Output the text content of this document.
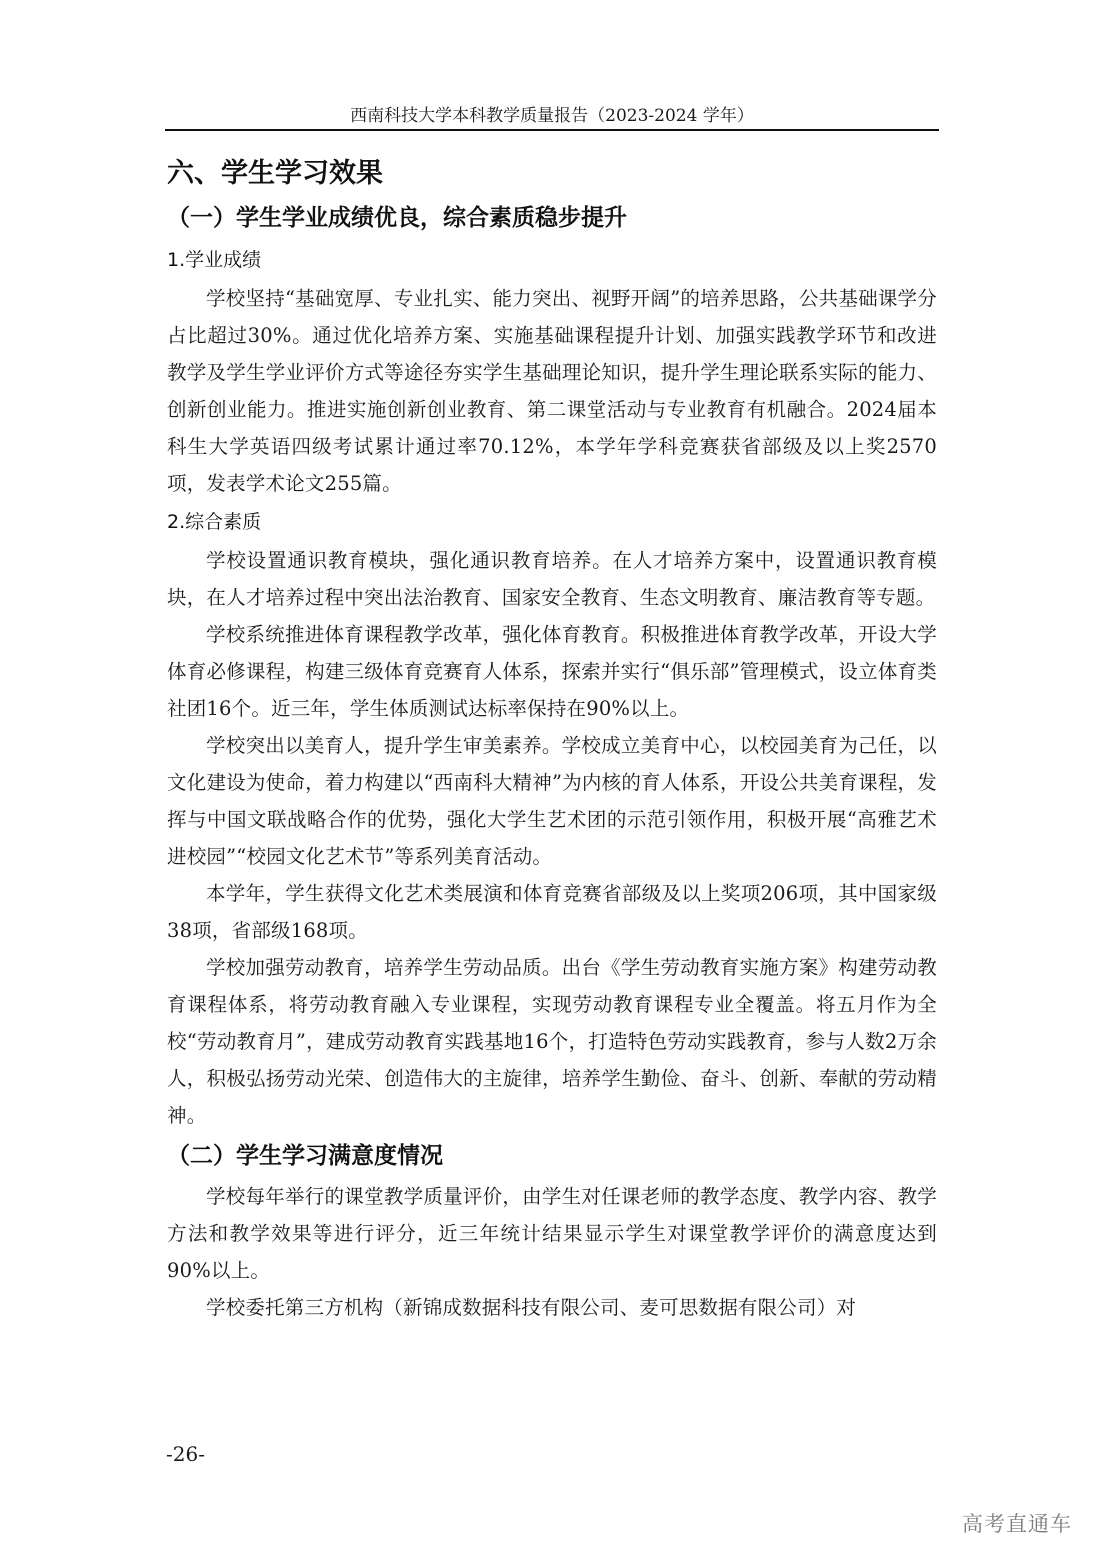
西南科技大学本科教学质量报告（2023-2024 学年）
六、学生学习效果
（一）学生学业成绩优良，综合素质稳步提升
1.学业成绩

学校坚持“基础宽厚、专业扎实、能力突出、视野开阔”的培养思路，公共基础课学分占比超过30%。通过优化培养方案、实施基础课程提升计划、加强实践教学环节和改进教学及学生学业评价方式等途径夯实学生基础理论知识，提升学生理论联系实际的能力、创新创业能力。推进实施创新创业教育、第二课堂活动与专业教育有机融合。2024届本科生大学英语四级考试累计通过率70.12%，本学年学科竞赛获省部级及以上奖2570项，发表学术论文255篇。

2.综合素质

学校设置通识教育模块，强化通识教育培养。在人才培养方案中，设置通识教育模块，在人才培养过程中突出法治教育、国家安全教育、生态文明教育、廉洁教育等专题。

学校系统推进体育课程教学改革，强化体育教育。积极推进体育教学改革，开设大学体育必修课程，构建三级体育竞赛育人体系，探索并实行“俱乐部”管理模式，设立体育类社团16个。近三年，学生体质测试达标率保持在90%以上。

学校突出以美育人，提升学生审美素养。学校成立美育中心，以校园美育为己任，以文化建设为使命，着力构建以“西南科大精神”为内核的育人体系，开设公共美育课程，发挥与中国文联战略合作的优势，强化大学生艺术团的示范引领作用，积极开展“高雅艺术进校园”“校园文化艺术节”等系列美育活动。

本学年，学生获得文化艺术类展演和体育竞赛省部级及以上奖项206项，其中国家级38项，省部级168项。

学校加强劳动教育，培养学生劳动品质。出台《学生劳动教育实施方案》构建劳动教育课程体系，将劳动教育融入专业课程，实现劳动教育课程专业全覆盖。将五月作为全校“劳动教育月”，建成劳动教育实践基地16个，打造特色劳动实践教育，参与人数2万余人，积极弘扬劳动光荣、创造伟大的主旋律，培养学生勤俭、奋斗、创新、奉献的劳动精神。

（二）学生学习满意度情况

学校每年举行的课堂教学质量评价，由学生对任课老师的教学态度、教学内容、教学方法和教学效果等进行评分，近三年统计结果显示学生对课堂教学评价的满意度达到90%以上。

学校委托第三方机构（新锦成数据科技有限公司、麦可思数据有限公司）对

-26-
高考直通车
